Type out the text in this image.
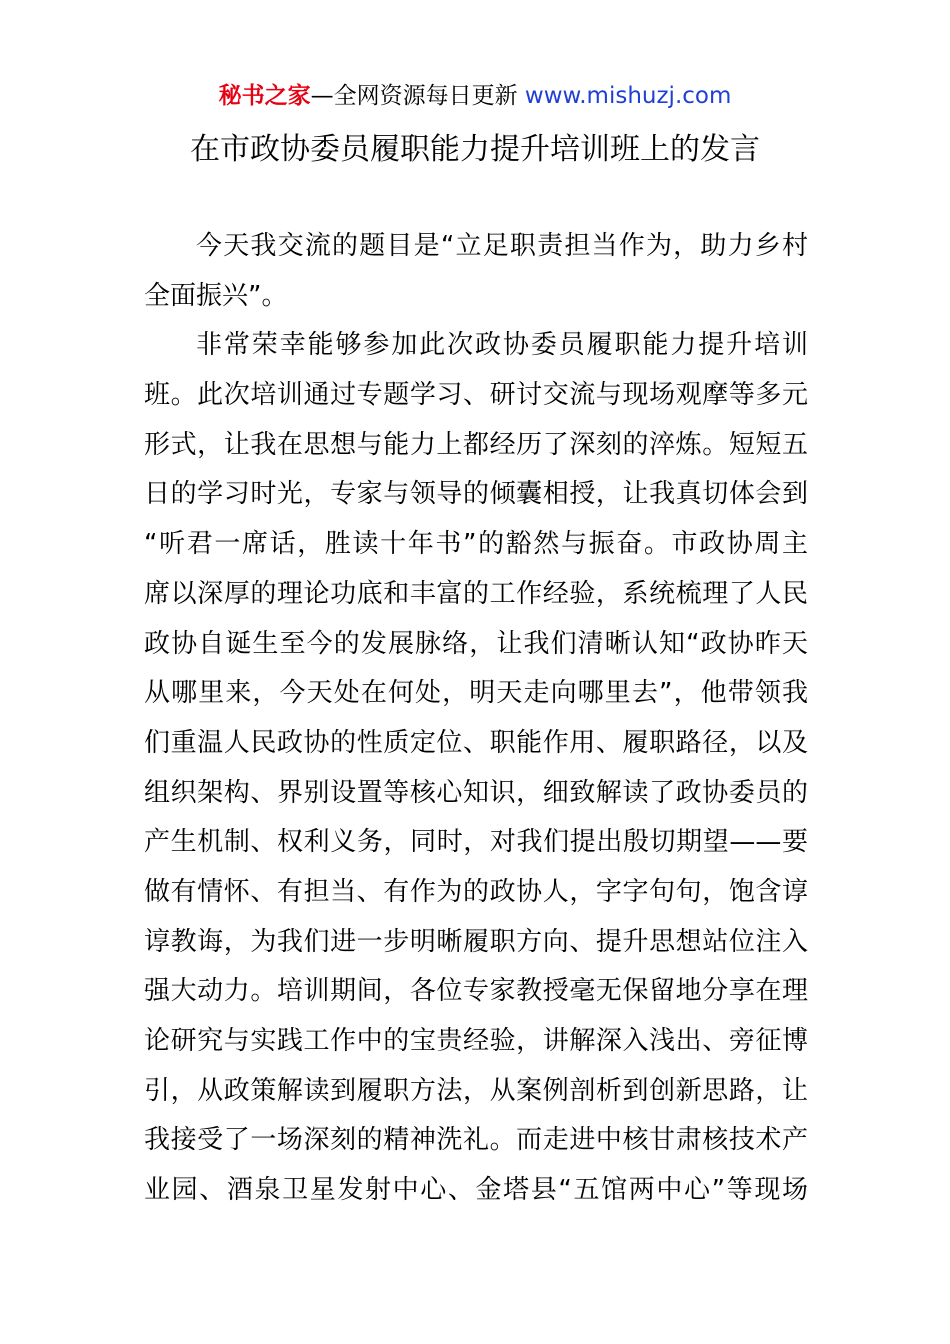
秘书之家—全网资源每日更新 www.mishuzj.com
在市政协委员履职能力提升培训班上的发言
今天我交流的题目是“立足职责担当作为，助力乡村
全面振兴”。
非常荣幸能够参加此次政协委员履职能力提升培训
班。此次培训通过专题学习、研讨交流与现场观摩等多元
形式，让我在思想与能力上都经历了深刻的淬炼。短短五
日的学习时光，专家与领导的倾囊相授，让我真切体会到
“听君一席话，胜读十年书”的豁然与振奋。市政协周主
席以深厚的理论功底和丰富的工作经验，系统梳理了人民
政协自诞生至今的发展脉络，让我们清晰认知“政协昨天
从哪里来，今天处在何处，明天走向哪里去”，他带领我
们重温人民政协的性质定位、职能作用、履职路径，以及
组织架构、界别设置等核心知识，细致解读了政协委员的
产生机制、权利义务，同时，对我们提出殷切期望——要
做有情怀、有担当、有作为的政协人，字字句句，饱含谆
谆教诲，为我们进一步明晰履职方向、提升思想站位注入
强大动力。培训期间，各位专家教授毫无保留地分享在理
论研究与实践工作中的宝贵经验，讲解深入浅出、旁征博
引，从政策解读到履职方法，从案例剖析到创新思路，让
我接受了一场深刻的精神洗礼。而走进中核甘肃核技术产
业园、酒泉卫星发射中心、金塔县“五馆两中心”等现场
